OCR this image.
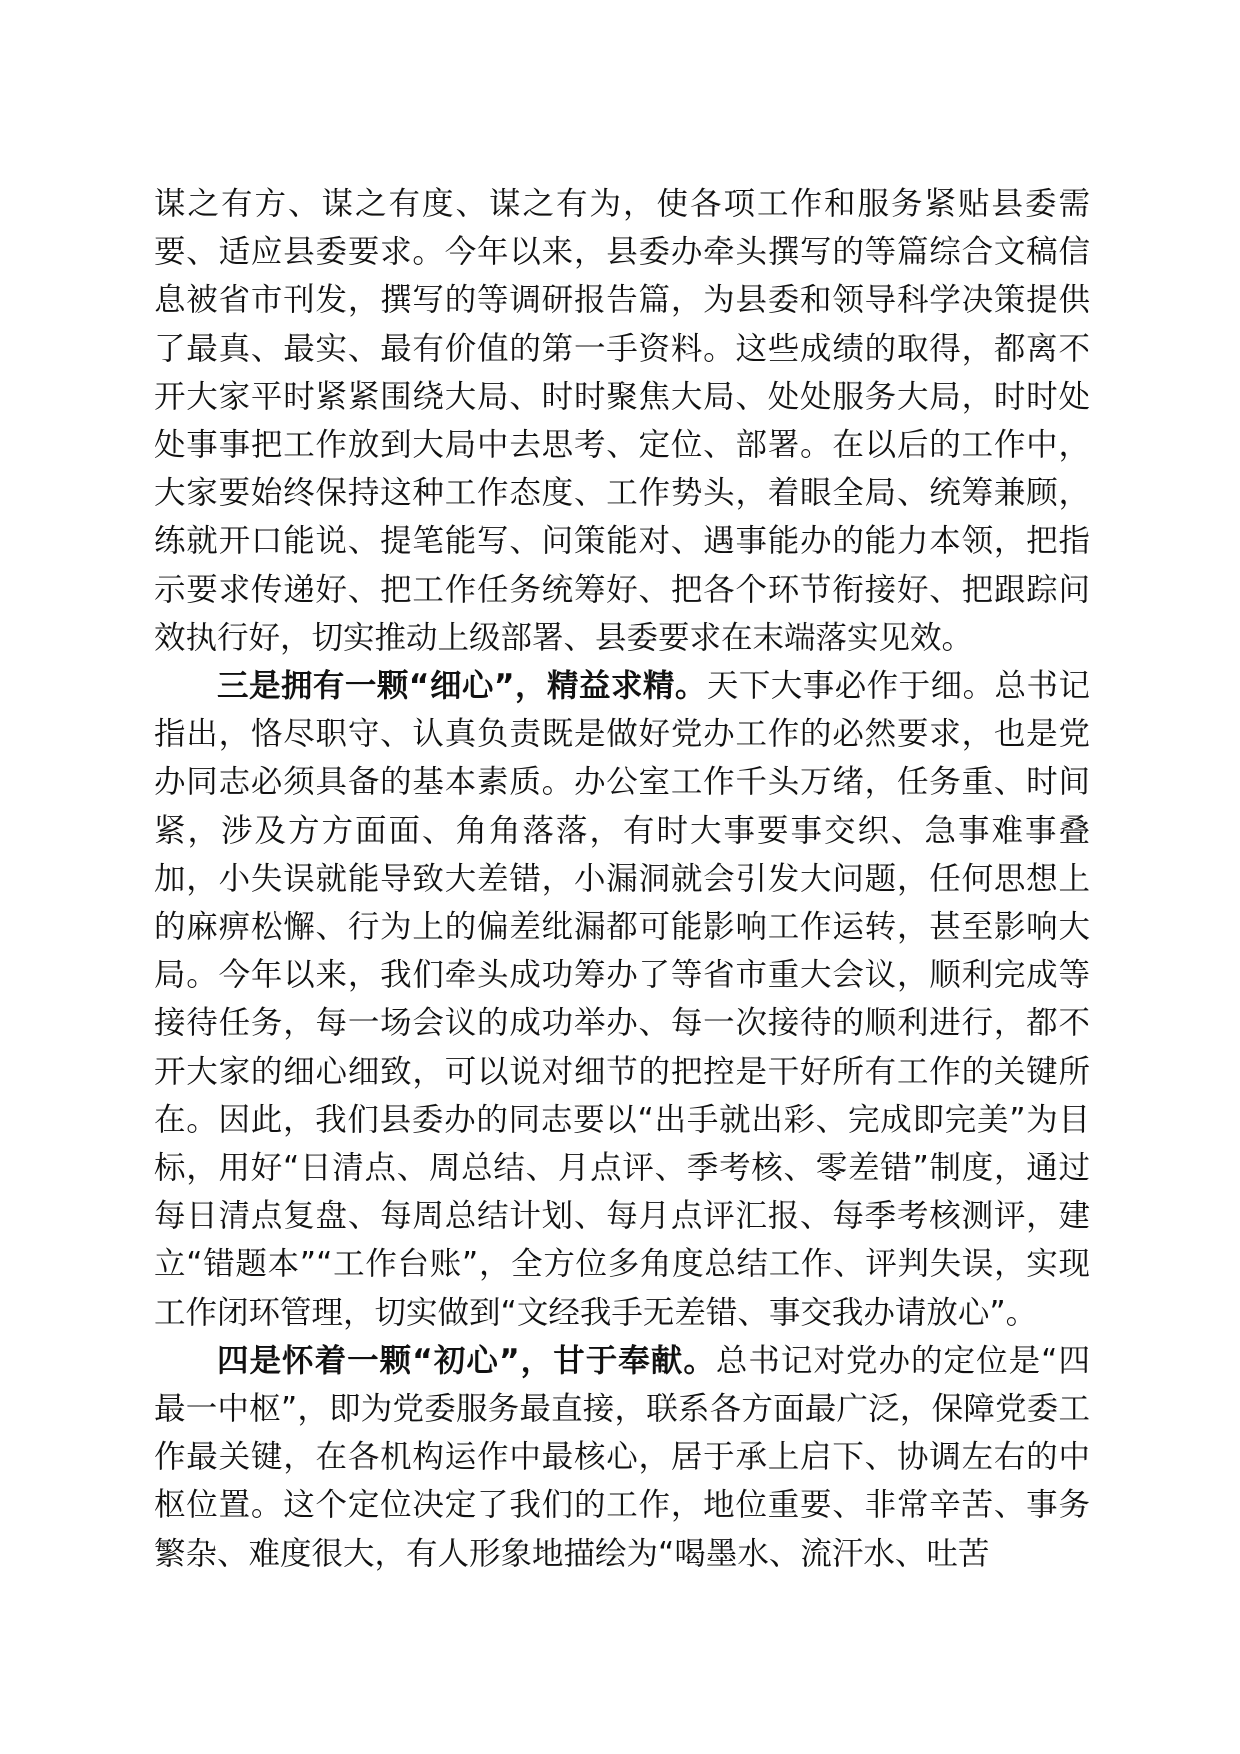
谋之有方、谋之有度、谋之有为，使各项工作和服务紧贴县委需要、适应县委要求。今年以来，县委办牵头撰写的等篇综合文稿信息被省市刊发，撰写的等调研报告篇，为县委和领导科学决策提供了最真、最实、最有价值的第一手资料。这些成绩的取得，都离不开大家平时紧紧围绕大局、时时聚焦大局、处处服务大局，时时处处事事把工作放到大局中去思考、定位、部署。在以后的工作中，大家要始终保持这种工作态度、工作势头，着眼全局、统筹兼顾，练就开口能说、提笔能写、问策能对、遇事能办的能力本领，把指示要求传递好、把工作任务统筹好、把各个环节衔接好、把跟踪问效执行好，切实推动上级部署、县委要求在末端落实见效。

三是拥有一颗“细心”，精益求精。天下大事必作于细。总书记指出，恪尽职守、认真负责既是做好党办工作的必然要求，也是党办同志必须具备的基本素质。办公室工作千头万绪，任务重、时间紧，涉及方方面面、角角落落，有时大事要事交织、急事难事叠加，小失误就能导致大差错，小漏洞就会引发大问题，任何思想上的麻痹松懈、行为上的偏差纰漏都可能影响工作运转，甚至影响大局。今年以来，我们牵头成功筹办了等省市重大会议，顺利完成等接待任务，每一场会议的成功举办、每一次接待的顺利进行，都不开大家的细心细致，可以说对细节的把控是干好所有工作的关键所在。因此，我们县委办的同志要以“出手就出彩、完成即完美”为目标，用好“日清点、周总结、月点评、季考核、零差错”制度，通过每日清点复盘、每周总结计划、每月点评汇报、每季考核测评，建立“错题本”“工作台账”，全方位多角度总结工作、评判失误，实现工作闭环管理，切实做到“文经我手无差错、事交我办请放心”。

四是怀着一颗“初心”，甘于奉献。总书记对党办的定位是“四最一中枢”，即为党委服务最直接，联系各方面最广泛，保障党委工作最关键，在各机构运作中最核心，居于承上启下、协调左右的中枢位置。这个定位决定了我们的工作，地位重要、非常辛苦、事务繁杂、难度很大，有人形象地描绘为“喝墨水、流汗水、吐苦
